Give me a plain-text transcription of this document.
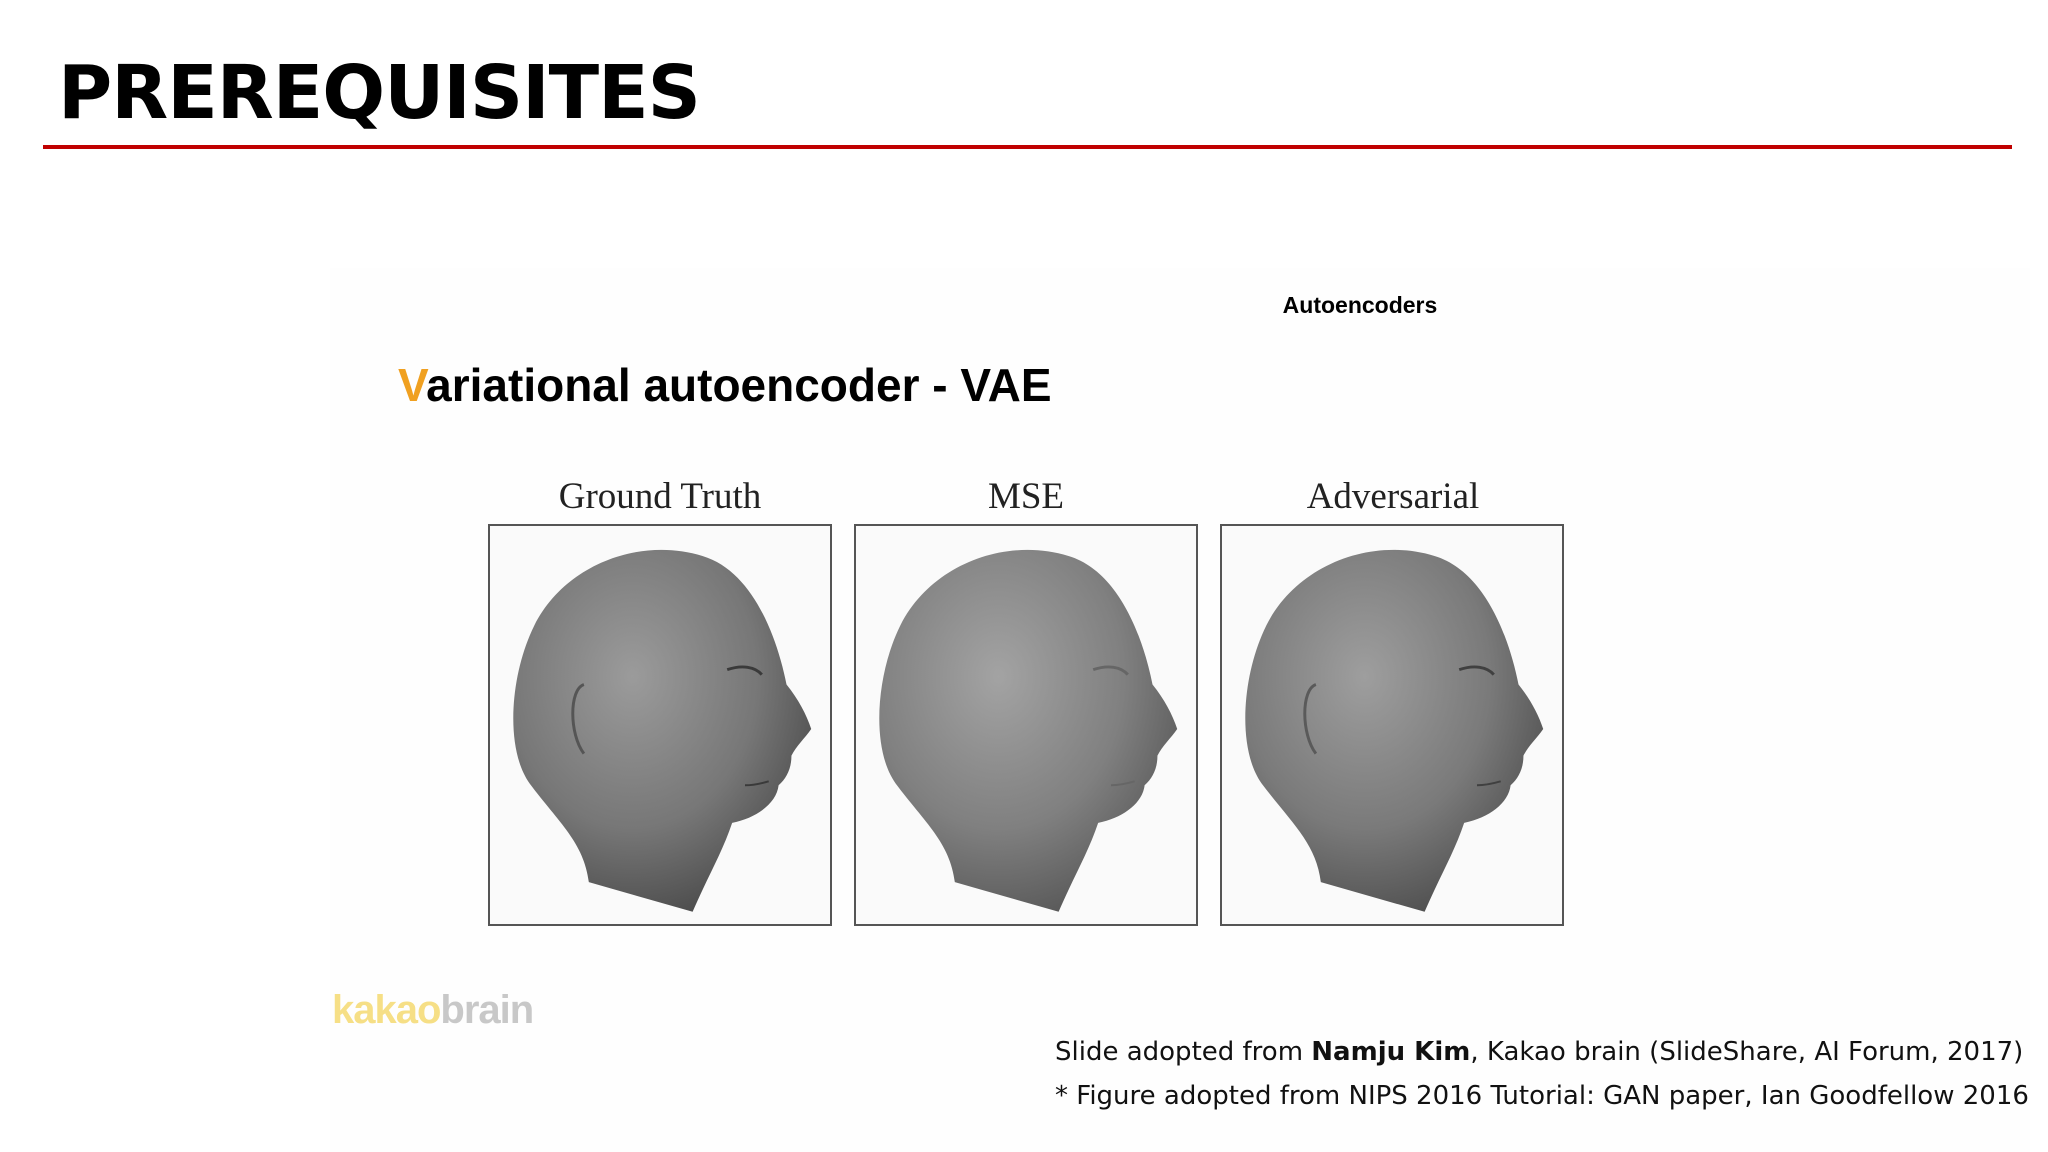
PREREQUISITES
Autoencoders
Variational autoencoder - VAE
Ground Truth	MSE	Adversarial
kakaobrain
Slide adopted from Namju Kim, Kakao brain (SlideShare, AI Forum, 2017)
* Figure adopted from NIPS 2016 Tutorial: GAN paper, Ian Goodfellow 2016
